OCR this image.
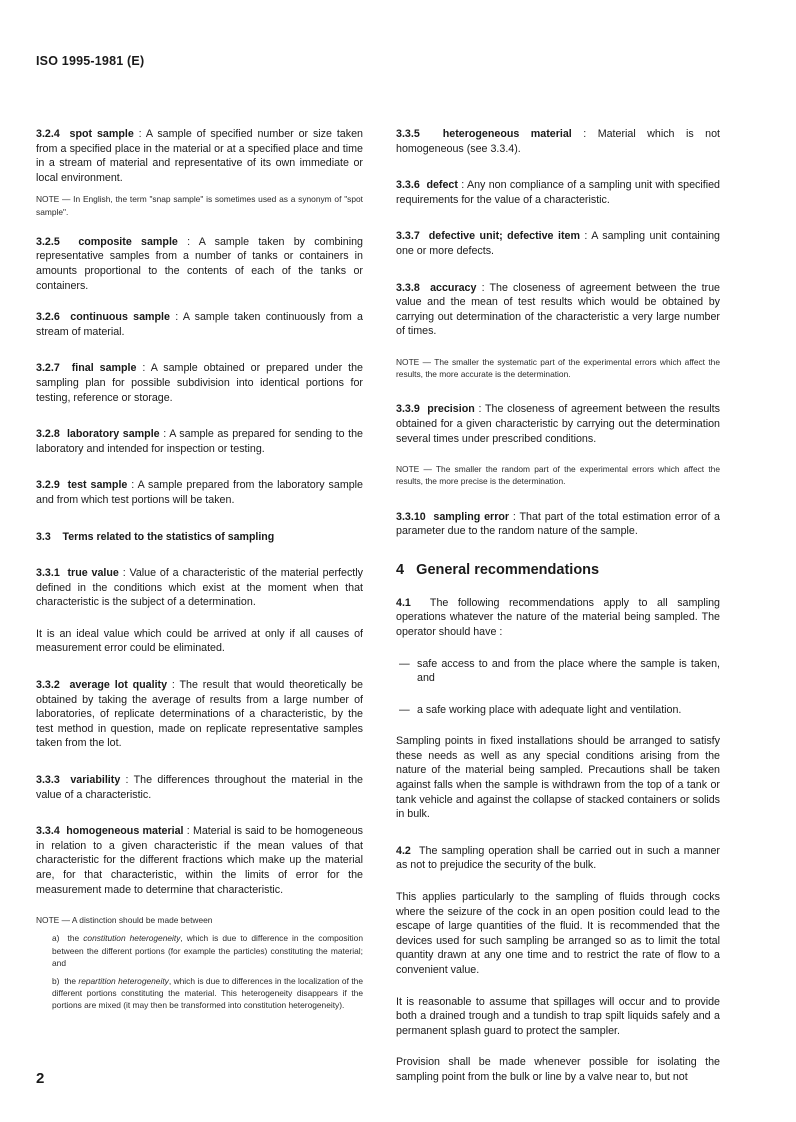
ISO 1995-1981 (E)

3.2.4 spot sample : A sample of specified number or size taken from a specified place in the material or at a specified place and time in a stream of material and representative of its own immediate or local environment.

NOTE — In English, the term "snap sample" is sometimes used as a synonym of "spot sample".

3.2.5 composite sample : A sample taken by combining representative samples from a number of tanks or containers in amounts proportional to the contents of each of the tanks or containers.

3.2.6 continuous sample : A sample taken continuously from a stream of material.

3.2.7 final sample : A sample obtained or prepared under the sampling plan for possible subdivision into identical portions for testing, reference or storage.

3.2.8 laboratory sample : A sample as prepared for sending to the laboratory and intended for inspection or testing.

3.2.9 test sample : A sample prepared from the laboratory sample and from which test portions will be taken.

3.3 Terms related to the statistics of sampling

3.3.1 true value : Value of a characteristic of the material perfectly defined in the conditions which exist at the moment when that characteristic is the subject of a determination.

It is an ideal value which could be arrived at only if all causes of measurement error could be eliminated.

3.3.2 average lot quality : The result that would theoretically be obtained by taking the average of results from a large number of laboratories, of replicate determinations of a characteristic, by the test method in question, made on replicate representative samples taken from the lot.

3.3.3 variability : The differences throughout the material in the value of a characteristic.

3.3.4 homogeneous material : Material is said to be homogeneous in relation to a given characteristic if the mean values of that characteristic for the different fractions which make up the material are, for that characteristic, within the limits of error for the measurement made to determine that characteristic.

NOTE — A distinction should be made between

a) the constitution heterogeneity, which is due to difference in the composition between the different portions (for example the particles) constituting the material; and

b) the repartition heterogeneity, which is due to differences in the localization of the different portions constituting the material. This heterogeneity disappears if the portions are mixed (it may then be transformed into constitution heterogeneity).

3.3.5 heterogeneous material : Material which is not homogeneous (see 3.3.4).

3.3.6 defect : Any non compliance of a sampling unit with specified requirements for the value of a characteristic.

3.3.7 defective unit; defective item : A sampling unit containing one or more defects.

3.3.8 accuracy : The closeness of agreement between the true value and the mean of test results which would be obtained by carrying out determination of the characteristic a very large number of times.

NOTE — The smaller the systematic part of the experimental errors which affect the results, the more accurate is the determination.

3.3.9 precision : The closeness of agreement between the results obtained for a given characteristic by carrying out the determination several times under prescribed conditions.

NOTE — The smaller the random part of the experimental errors which affect the results, the more precise is the determination.

3.3.10 sampling error : That part of the total estimation error of a parameter due to the random nature of the sample.

4 General recommendations

4.1 The following recommendations apply to all sampling operations whatever the nature of the material being sampled. The operator should have :

— safe access to and from the place where the sample is taken, and

— a safe working place with adequate light and ventilation.

Sampling points in fixed installations should be arranged to satisfy these needs as well as any special conditions arising from the nature of the material being sampled. Precautions shall be taken against falls when the sample is withdrawn from the top of a tank or tank vehicle and against the collapse of stacked containers or solids in bulk.

4.2 The sampling operation shall be carried out in such a manner as not to prejudice the security of the bulk.

This applies particularly to the sampling of fluids through cocks where the seizure of the cock in an open position could lead to the escape of large quantities of the fluid. It is recommended that the devices used for such sampling be arranged so as to limit the total quantity drawn at any one time and to restrict the rate of flow to a convenient value.

It is reasonable to assume that spillages will occur and to provide both a drained trough and a tundish to trap spilt liquids safely and a permanent splash guard to protect the sampler.

Provision shall be made whenever possible for isolating the sampling point from the bulk or line by a valve near to, but not

2
